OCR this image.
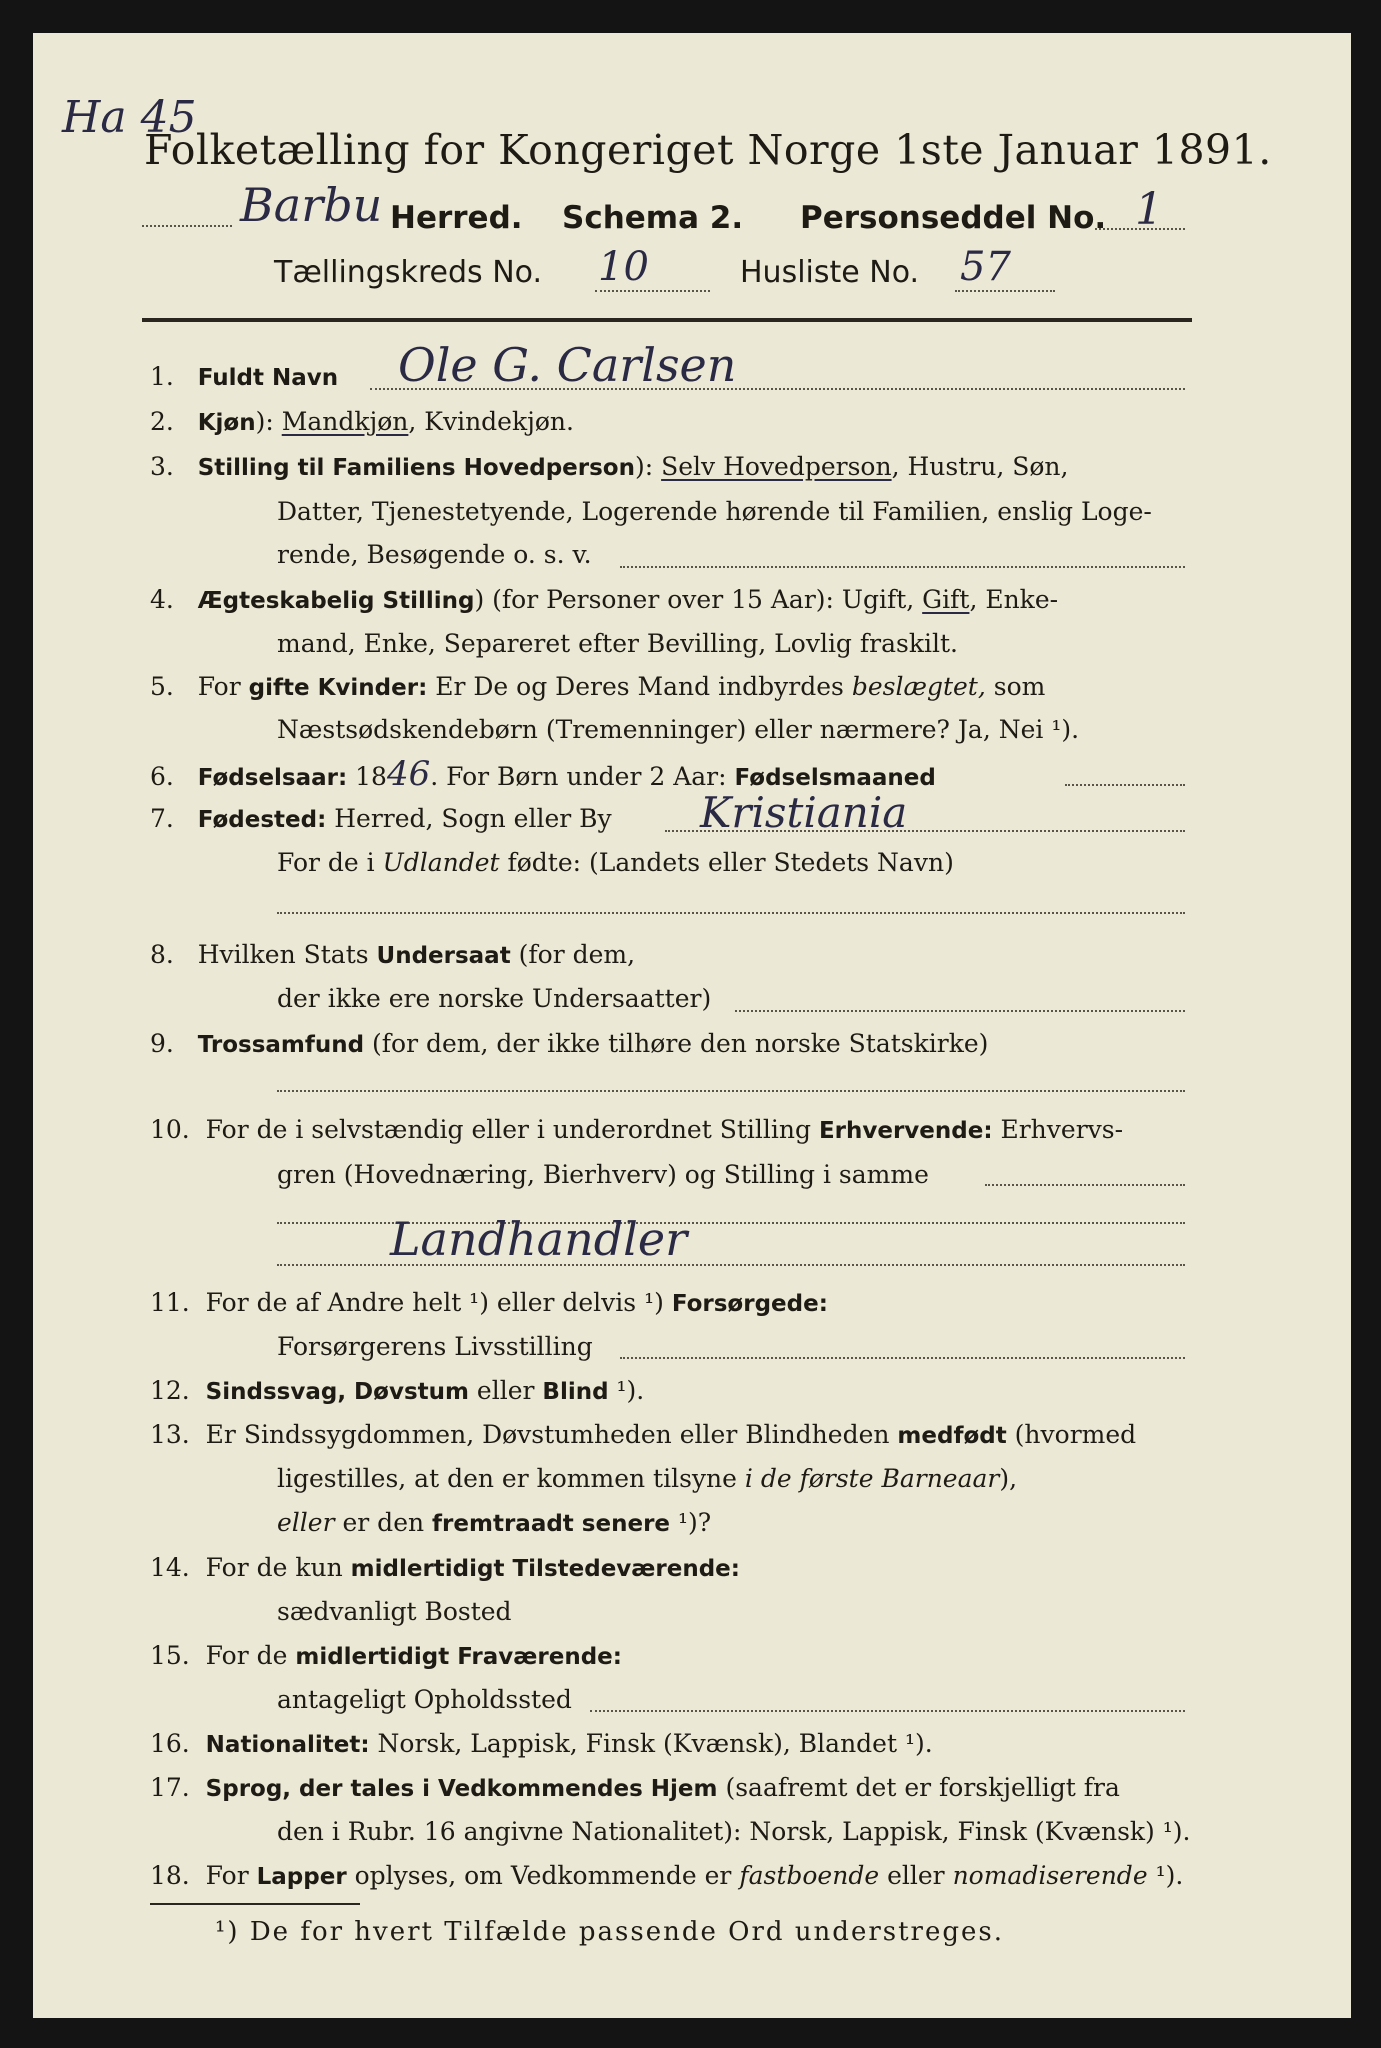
Ha 45
Folketælling for Kongeriget Norge 1ste Januar 1891.
Barbu Herred. Schema 2. Personseddel No. 1
Tællingskreds No. 10	Husliste No. 57
1. Fuldt Navn Ole G. Carlsen
2. Kjøn): Mandkjøn, Kvindekjøn.
3. Stilling til Familiens Hovedperson): Selv Hovedperson, Hustru, Søn,
Datter, Tjenestetyende, Logerende hørende til Familien, enslig Loge-
rende, Besøgende o. s. v.
4. Ægteskabelig Stilling) (for Personer over 15 Aar): Ugift, Gift, Enke-
mand, Enke, Separeret efter Bevilling, Lovlig fraskilt.
5. For gifte Kvinder: Er De og Deres Mand indbyrdes beslægtet, som
Næstsødskendebørn (Tremenninger) eller nærmere? Ja, Nei ¹).
6. Fødselsaar: 1846. For Børn under 2 Aar: Fødselsmaaned
7. Fødested: Herred, Sogn eller By Kristiania
For de i Udlandet fødte: (Landets eller Stedets Navn)
8. Hvilken Stats Undersaat (for dem,
der ikke ere norske Undersaatter)
9. Trossamfund (for dem, der ikke tilhøre den norske Statskirke)
10. For de i selvstændig eller i underordnet Stilling Erhvervende: Erhvervs-
gren (Hovednæring, Bierhverv) og Stilling i samme
Landhandler
11. For de af Andre helt ¹) eller delvis ¹) Forsørgede:
Forsørgerens Livsstilling
12. Sindssvag, Døvstum eller Blind ¹).
13. Er Sindssygdommen, Døvstumheden eller Blindheden medfødt (hvormed
ligestilles, at den er kommen tilsyne i de første Barneaar),
eller er den fremtraadt senere ¹)?
14. For de kun midlertidigt Tilstedeværende:
sædvanligt Bosted
15. For de midlertidigt Fraværende:
antageligt Opholdssted
16. Nationalitet: Norsk, Lappisk, Finsk (Kvænsk), Blandet ¹).
17. Sprog, der tales i Vedkommendes Hjem (saafremt det er forskjelligt fra
den i Rubr. 16 angivne Nationalitet): Norsk, Lappisk, Finsk (Kvænsk) ¹).
18. For Lapper oplyses, om Vedkommende er fastboende eller nomadiserende ¹).
¹) De for hvert Tilfælde passende Ord understreges.
